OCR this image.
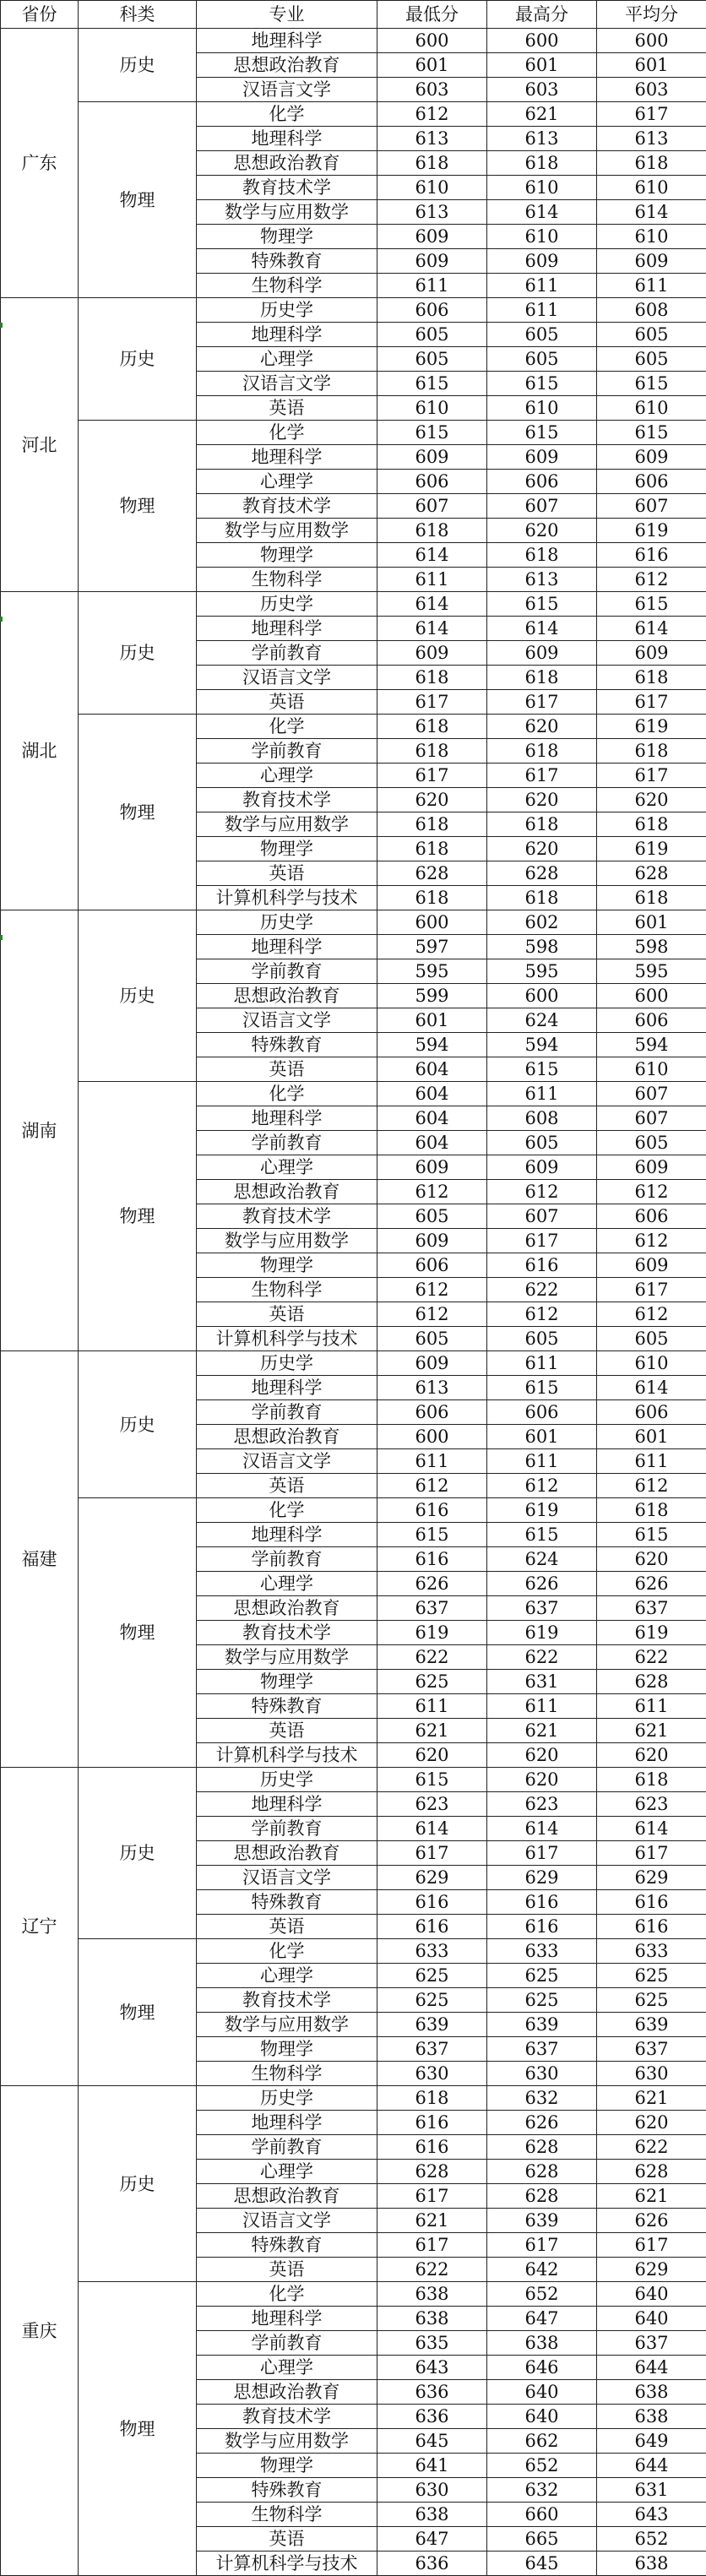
省份	科类	专业	最低分	最高分	平均分
广东	历史	地理科学	600	600	600
		思想政治教育	601	601	601
		汉语言文学	603	603	603
	物理	化学	612	621	617
		地理科学	613	613	613
		思想政治教育	618	618	618
		教育技术学	610	610	610
		数学与应用数学	613	614	614
		物理学	609	610	610
		特殊教育	609	609	609
		生物科学	611	611	611
河北	历史	历史学	606	611	608
		地理科学	605	605	605
		心理学	605	605	605
		汉语言文学	615	615	615
		英语	610	610	610
	物理	化学	615	615	615
		地理科学	609	609	609
		心理学	606	606	606
		教育技术学	607	607	607
		数学与应用数学	618	620	619
		物理学	614	618	616
		生物科学	611	613	612
湖北	历史	历史学	614	615	615
		地理科学	614	614	614
		学前教育	609	609	609
		汉语言文学	618	618	618
		英语	617	617	617
	物理	化学	618	620	619
		学前教育	618	618	618
		心理学	617	617	617
		教育技术学	620	620	620
		数学与应用数学	618	618	618
		物理学	618	620	619
		英语	628	628	628
		计算机科学与技术	618	618	618
湖南	历史	历史学	600	602	601
		地理科学	597	598	598
		学前教育	595	595	595
		思想政治教育	599	600	600
		汉语言文学	601	624	606
		特殊教育	594	594	594
		英语	604	615	610
	物理	化学	604	611	607
		地理科学	604	608	607
		学前教育	604	605	605
		心理学	609	609	609
		思想政治教育	612	612	612
		教育技术学	605	607	606
		数学与应用数学	609	617	612
		物理学	606	616	609
		生物科学	612	622	617
		英语	612	612	612
		计算机科学与技术	605	605	605
福建	历史	历史学	609	611	610
		地理科学	613	615	614
		学前教育	606	606	606
		思想政治教育	600	601	601
		汉语言文学	611	611	611
		英语	612	612	612
	物理	化学	616	619	618
		地理科学	615	615	615
		学前教育	616	624	620
		心理学	626	626	626
		思想政治教育	637	637	637
		教育技术学	619	619	619
		数学与应用数学	622	622	622
		物理学	625	631	628
		特殊教育	611	611	611
		英语	621	621	621
		计算机科学与技术	620	620	620
辽宁	历史	历史学	615	620	618
		地理科学	623	623	623
		学前教育	614	614	614
		思想政治教育	617	617	617
		汉语言文学	629	629	629
		特殊教育	616	616	616
		英语	616	616	616
	物理	化学	633	633	633
		心理学	625	625	625
		教育技术学	625	625	625
		数学与应用数学	639	639	639
		物理学	637	637	637
		生物科学	630	630	630
重庆	历史	历史学	618	632	621
		地理科学	616	626	620
		学前教育	616	628	622
		心理学	628	628	628
		思想政治教育	617	628	621
		汉语言文学	621	639	626
		特殊教育	617	617	617
		英语	622	642	629
	物理	化学	638	652	640
		地理科学	638	647	640
		学前教育	635	638	637
		心理学	643	646	644
		思想政治教育	636	640	638
		教育技术学	636	640	638
		数学与应用数学	645	662	649
		物理学	641	652	644
		特殊教育	630	632	631
		生物科学	638	660	643
		英语	647	665	652
		计算机科学与技术	636	645	638
